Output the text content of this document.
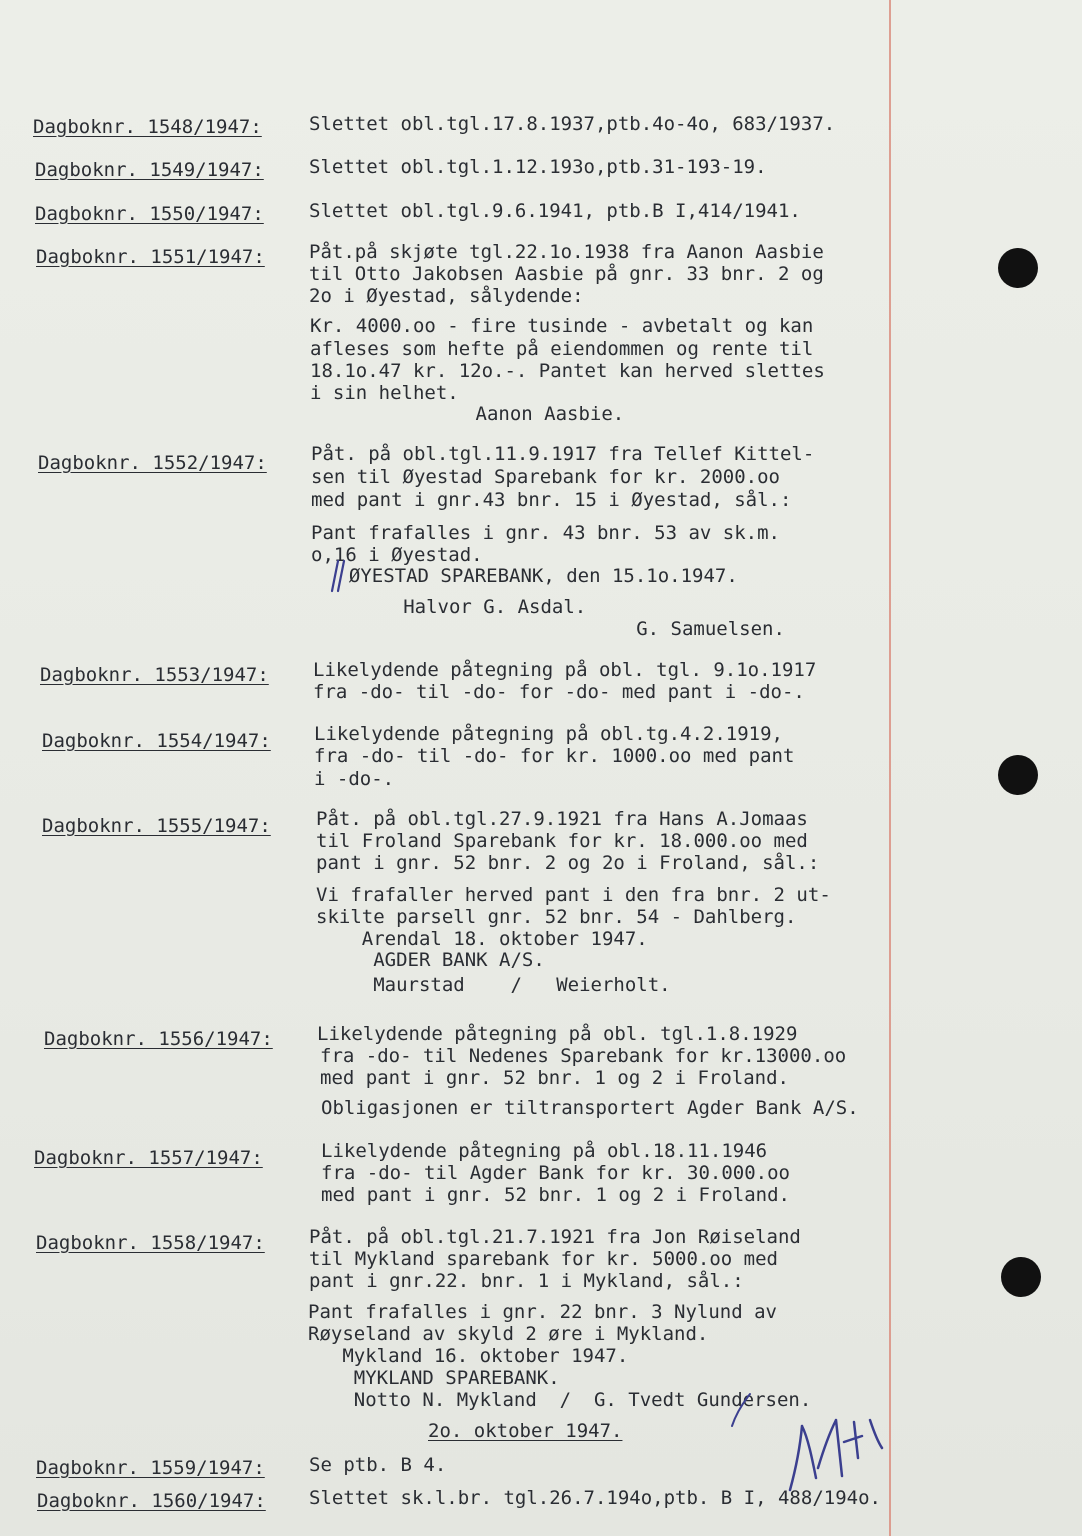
Dagboknr. 1548/1947: Slettet obl.tgl.17.8.1937,ptb.4o-4o, 683/1937.
Dagboknr. 1549/1947: Slettet obl.tgl.1.12.193o,ptb.31-193-19.
Dagboknr. 1550/1947: Slettet obl.tgl.9.6.1941, ptb.B I,414/1941.
Dagboknr. 1551/1947: Påt.på skjøte tgl.22.1o.1938 fra Aanon Aasbie
til Otto Jakobsen Aasbie på gnr. 33 bnr. 2 og
2o i Øyestad, sålydende:
Kr. 4000.oo - fire tusinde - avbetalt og kan
afleses som hefte på eiendommen og rente til
18.1o.47 kr. 12o.-. Pantet kan herved slettes
i sin helhet.
Aanon Aasbie.
Dagboknr. 1552/1947: Påt. på obl.tgl.11.9.1917 fra Tellef Kittel-
sen til Øyestad Sparebank for kr. 2000.oo
med pant i gnr.43 bnr. 15 i Øyestad, sål.:
Pant frafalles i gnr. 43 bnr. 53 av sk.m.
o,16 i Øyestad.
ØYESTAD SPAREBANK, den 15.1o.1947.
Halvor G. Asdal.
G. Samuelsen.
Dagboknr. 1553/1947: Likelydende påtegning på obl. tgl. 9.1o.1917
fra -do- til -do- for -do- med pant i -do-.
Dagboknr. 1554/1947: Likelydende påtegning på obl.tg.4.2.1919,
fra -do- til -do- for kr. 1000.oo med pant
i -do-.
Dagboknr. 1555/1947: Påt. på obl.tgl.27.9.1921 fra Hans A.Jomaas
til Froland Sparebank for kr. 18.000.oo med
pant i gnr. 52 bnr. 2 og 2o i Froland, sål.:
Vi frafaller herved pant i den fra bnr. 2 ut-
skilte parsell gnr. 52 bnr. 54 - Dahlberg.
Arendal 18. oktober 1947.
AGDER BANK A/S.
Maurstad    /   Weierholt.
Dagboknr. 1556/1947: Likelydende påtegning på obl. tgl.1.8.1929
fra -do- til Nedenes Sparebank for kr.13000.oo
med pant i gnr. 52 bnr. 1 og 2 i Froland.
Obligasjonen er tiltransportert Agder Bank A/S.
Dagboknr. 1557/1947:	Likelydende påtegning på obl.18.11.1946
fra -do- til Agder Bank for kr. 30.000.oo
med pant i gnr. 52 bnr. 1 og 2 i Froland.
Dagboknr. 1558/1947: Påt. på obl.tgl.21.7.1921 fra Jon Røiseland
til Mykland sparebank for kr. 5000.oo med
pant i gnr.22. bnr. 1 i Mykland, sål.:
Pant frafalles i gnr. 22 bnr. 3 Nylund av
Røyseland av skyld 2 øre i Mykland.
Mykland 16. oktober 1947.
MYKLAND SPAREBANK.
Notto N. Mykland  /  G. Tvedt Gundersen.
2o. oktober 1947.
Dagboknr. 1559/1947: Se ptb. B 4.
Dagboknr. 1560/1947: Slettet sk.l.br. tgl.26.7.194o,ptb. B I, 488/194o.
